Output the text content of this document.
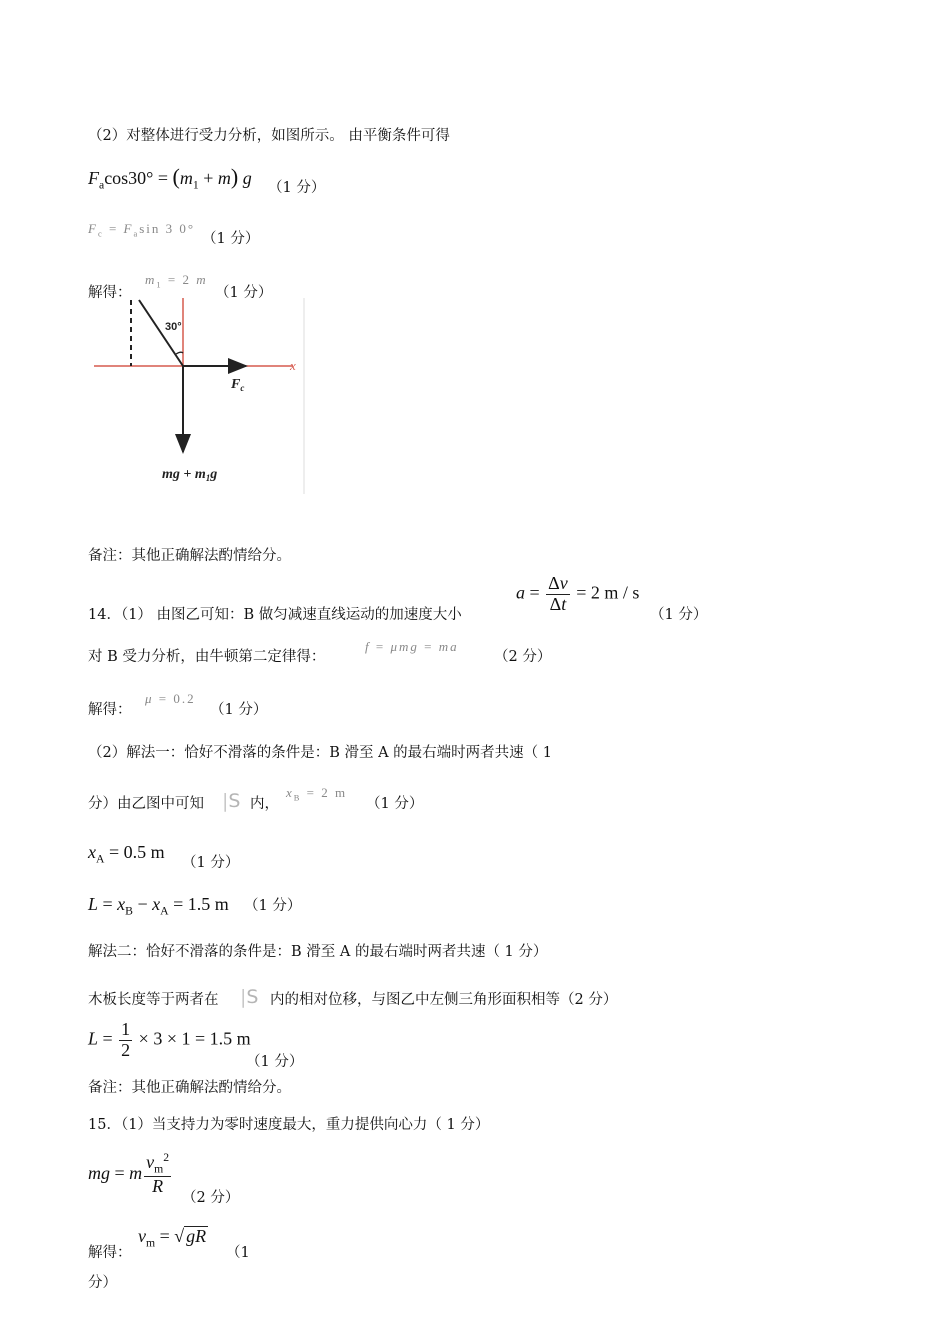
（2）对整体进行受力分析，如图所示。 由平衡条件可得
$F_a\cos 30^\circ = (m_1 + m)$ g （1 分）
$F_c = F_a\sin$ 3 0°
（1 分）
解得：
$m_1 = 2$ m
（1 分）
x
30°
$F_c$
mg + $m_1g$
备注：其他正确解法酌情给分。
14．（1） 由图乙可知：B 做匀减速直线运动的加速度大小
$a = \frac{\Delta v}{\Delta t} = 2$ m / s
（1 分）
对 B 受力分析，由牛顿第二定律得：
f = μmg = ma
（2 分）
解得：
μ = 0.2
（1 分）
（2）解法一：恰好不滑落的条件是：B 滑至 A 的最右端时两者共速（ 1
分）由乙图中可知 |S 内，
$x_B = 2$ m
（1 分）
$x_A = 0.5$ m
（1 分）
$L = x_B - x_A = 1.5$ m （1 分）
解法二：恰好不滑落的条件是：B 滑至 A 的最右端时两者共速（ 1 分）
木板长度等于两者在 |S 内的相对位移，与图乙中左侧三角形面积相等（2 分）
$L = \frac{1}{2} \times 3 \times 1 = 1.5$ m
（1 分）
备注：其他正确解法酌情给分。
15．（1）当支持力为零时速度最大，重力提供向心力（ 1 分）
mg = m $\frac{v_m^2}{R}$
（2 分）
解得：
$v_m$ = √ gR
（1
分）
